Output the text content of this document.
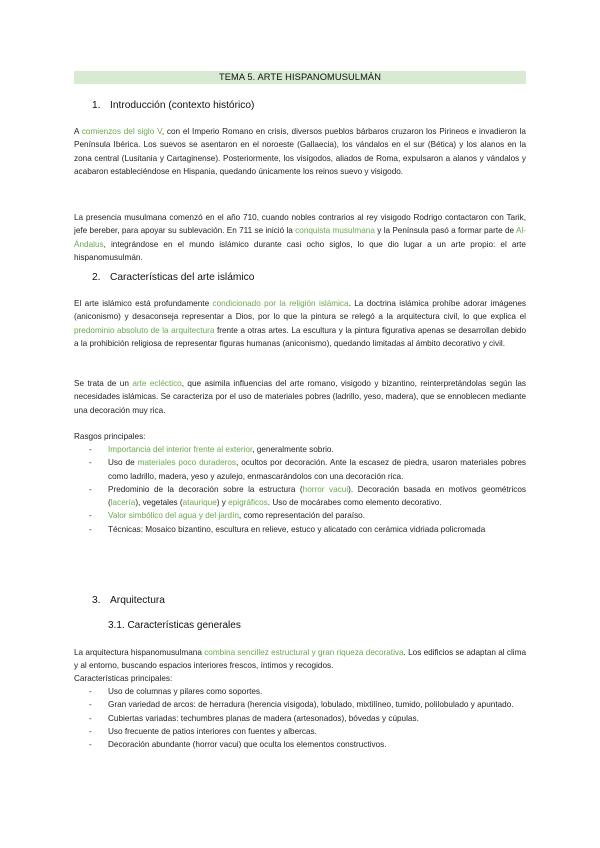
TEMA 5. ARTE HISPANOMUSULMÁN
1. Introducción (contexto histórico)

A comienzos del siglo V, con el Imperio Romano en crisis, diversos pueblos bárbaros cruzaron los Pirineos e invadieron la Península Ibérica. Los suevos se asentaron en el noroeste (Gallaecia), los vándalos en el sur (Bética) y los alanos en la zona central (Lusitania y Cartaginense). Posteriormente, los visigodos, aliados de Roma, expulsaron a alanos y vándalos y acabaron estableciéndose en Hispania, quedando únicamente los reinos suevo y visigodo.

La presencia musulmana comenzó en el año 710, cuando nobles contrarios al rey visigodo Rodrigo contactaron con Tarik, jefe bereber, para apoyar su sublevación. En 711 se inició la conquista musulmana y la Península pasó a formar parte de Al-Ándalus, integrándose en el mundo islámico durante casi ocho siglos, lo que dio lugar a un arte propio: el arte hispanomusulmán.

2. Características del arte islámico

El arte islámico está profundamente condicionado por la religión islámica. La doctrina islámica prohíbe adorar imágenes (aniconismo) y desaconseja representar a Dios, por lo que la pintura se relegó a la arquitectura civil, lo que explica el predominio absoluto de la arquitectura frente a otras artes. La escultura y la pintura figurativa apenas se desarrollan debido a la prohibición religiosa de representar figuras humanas (aniconismo), quedando limitadas al ámbito decorativo y civil.

Se trata de un arte ecléctico, que asimila influencias del arte romano, visigodo y bizantino, reinterpretándolas según las necesidades islámicas. Se caracteriza por el uso de materiales pobres (ladrillo, yeso, madera), que se ennoblecen mediante una decoración muy rica.

Rasgos principales:
- Importancia del interior frente al exterior, generalmente sobrio.
- Uso de materiales poco duraderos, ocultos por decoración. Ante la escasez de piedra, usaron materiales pobres como ladrillo, madera, yeso y azulejo, enmascarándolos con una decoración rica.
- Predominio de la decoración sobre la estructura (horror vacui). Decoración basada en motivos geométricos (lacería), vegetales (ataurique) y epigráficos. Uso de mocárabes como elemento decorativo.
- Valor simbólico del agua y del jardín, como representación del paraíso.
- Técnicas: Mosaico bizantino, escultura en relieve, estuco y alicatado con cerámica vidriada policromada
3. Arquitectura
3.1. Características generales

La arquitectura hispanomusulmana combina sencillez estructural y gran riqueza decorativa. Los edificios se adaptan al clima y al entorno, buscando espacios interiores frescos, íntimos y recogidos.

Características principales:
- Uso de columnas y pilares como soportes.
- Gran variedad de arcos: de herradura (herencia visigoda), lobulado, mixtilíneo, tumido, polilobulado y apuntado.
- Cubiertas variadas: techumbres planas de madera (artesonados), bóvedas y cúpulas.
- Uso frecuente de patios interiores con fuentes y albercas.
- Decoración abundante (horror vacui) que oculta los elementos constructivos.
